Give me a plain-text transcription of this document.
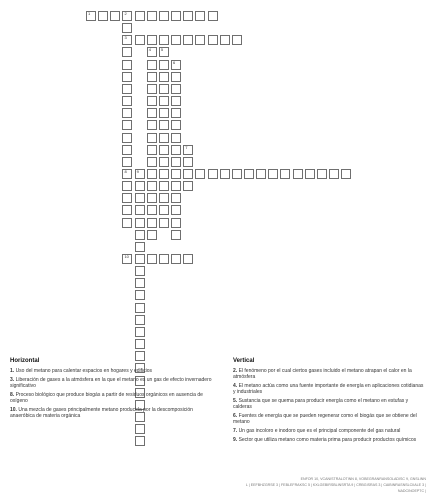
1	2
3
8
4 5
6
7
9
10
Horizontal
1. Uso del metano para calentar espacios en hogares y edificios
3. Liberación de gases a la atmósfera en la que el metano es un gas de efecto invernadero significativo
8. Proceso biológico que produce biogás a partir de residuos orgánicos en ausencia de oxígeno
10. Una mezcla de gases principalmente metano producida por la descomposición anaeróbica de materia orgánica
Vertical
2. El fenómeno por el cual ciertos gases incluido el metano atrapan el calor en la atmósfera
4. El metano actúa como una fuente importante de energía en aplicaciones cotidianas y industriales
5. Sustancia que se quema para producir energía como el metano en estufas y calderas
6. Fuentes de energía que se pueden regenerar como el biogás que se obtiene del metano
7. Un gas incoloro e inodoro que es el principal componente del gas natural
9. Sector que utiliza metano como materia prima para producir productos químicos
ENFOR 10, VCANISTRALOTINN 8, VOBEGRANRANSOLADISC 9, GNSLINN
L | EEFBHZGRSE 3 | FEBLEFRAKSC 5 | KXLGEBIRSBLINSRTA 9 | CRBGISRAS 3 | CAIBINRASNSLCIIALE 3 | NADCINOEPTC |
